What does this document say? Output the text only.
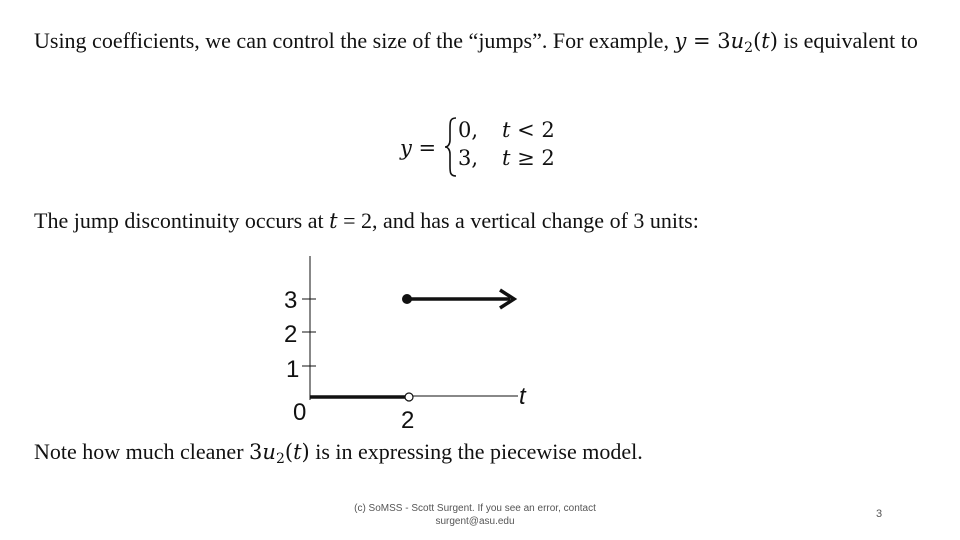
Using coefficients, we can control the size of the “jumps”. For example, $y = 3u_2(t)$ is equivalent to
y =
0, t < 2
3, t ≥ 2
The jump discontinuity occurs at t = 2, and has a vertical change of 3 units:
0
1
2
3
2
t
Note how much cleaner $3u_2(t)$ is in expressing the piecewise model.
(c) SoMSS - Scott Surgent. If you see an error, contact
surgent@asu.edu
3
